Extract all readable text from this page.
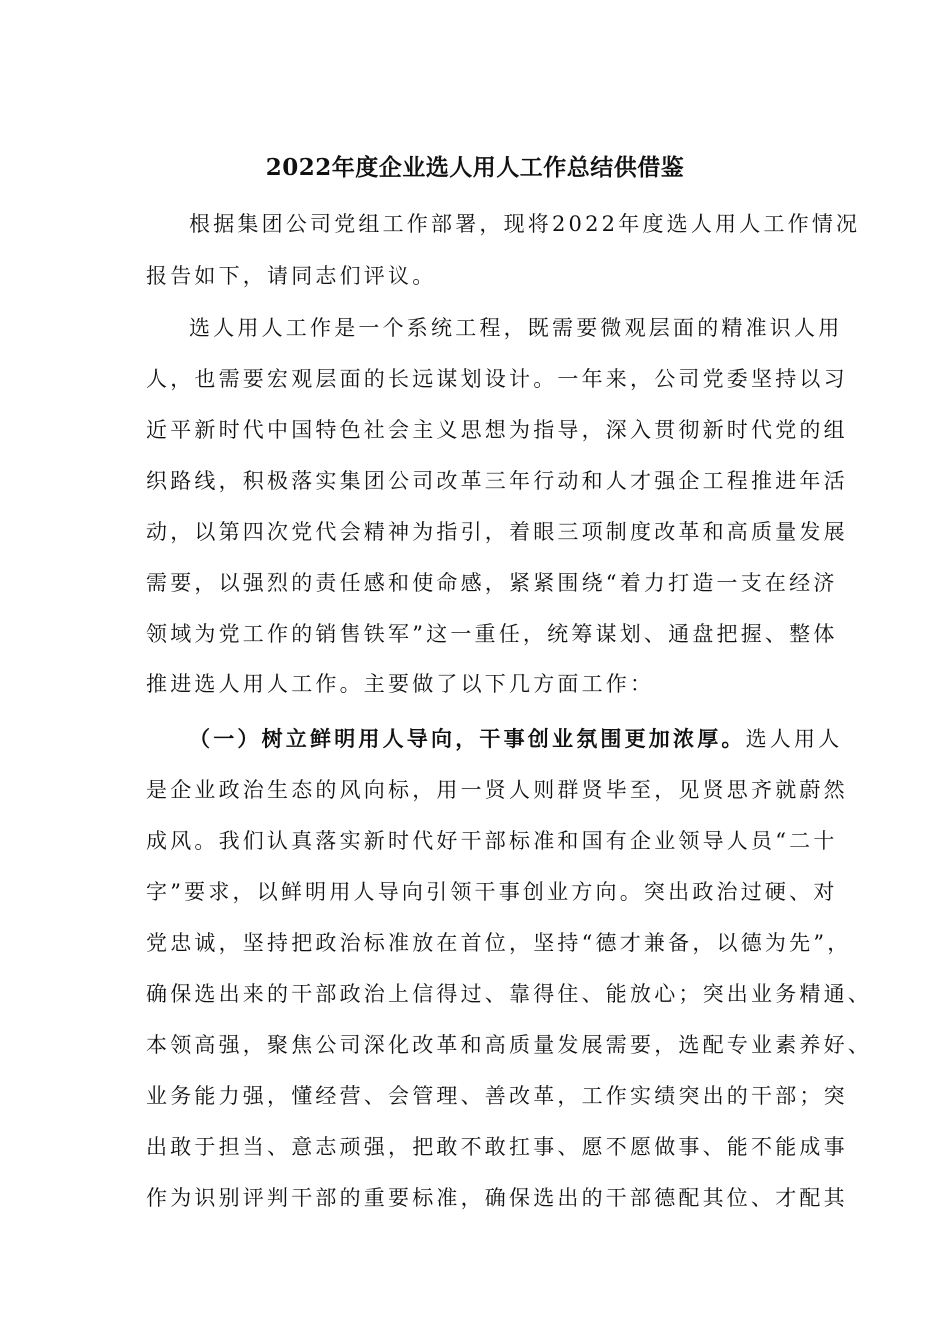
2022年度企业选人用人工作总结供借鉴
根据集团公司党组工作部署，现将2022年度选人用人工作情况
报告如下，请同志们评议。
选人用人工作是一个系统工程，既需要微观层面的精准识人用
人，也需要宏观层面的长远谋划设计。一年来，公司党委坚持以习
近平新时代中国特色社会主义思想为指导，深入贯彻新时代党的组
织路线，积极落实集团公司改革三年行动和人才强企工程推进年活
动，以第四次党代会精神为指引，着眼三项制度改革和高质量发展
需要，以强烈的责任感和使命感，紧紧围绕“着力打造一支在经济
领域为党工作的销售铁军”这一重任，统筹谋划、通盘把握、整体
推进选人用人工作。主要做了以下几方面工作：
（一）树立鲜明用人导向，干事创业氛围更加浓厚。选人用人
是企业政治生态的风向标，用一贤人则群贤毕至，见贤思齐就蔚然
成风。我们认真落实新时代好干部标准和国有企业领导人员“二十
字”要求，以鲜明用人导向引领干事创业方向。突出政治过硬、对
党忠诚，坚持把政治标准放在首位，坚持“德才兼备，以德为先”，
确保选出来的干部政治上信得过、靠得住、能放心；突出业务精通、
本领高强，聚焦公司深化改革和高质量发展需要，选配专业素养好、
业务能力强，懂经营、会管理、善改革，工作实绩突出的干部；突
出敢于担当、意志顽强，把敢不敢扛事、愿不愿做事、能不能成事
作为识别评判干部的重要标准，确保选出的干部德配其位、才配其
